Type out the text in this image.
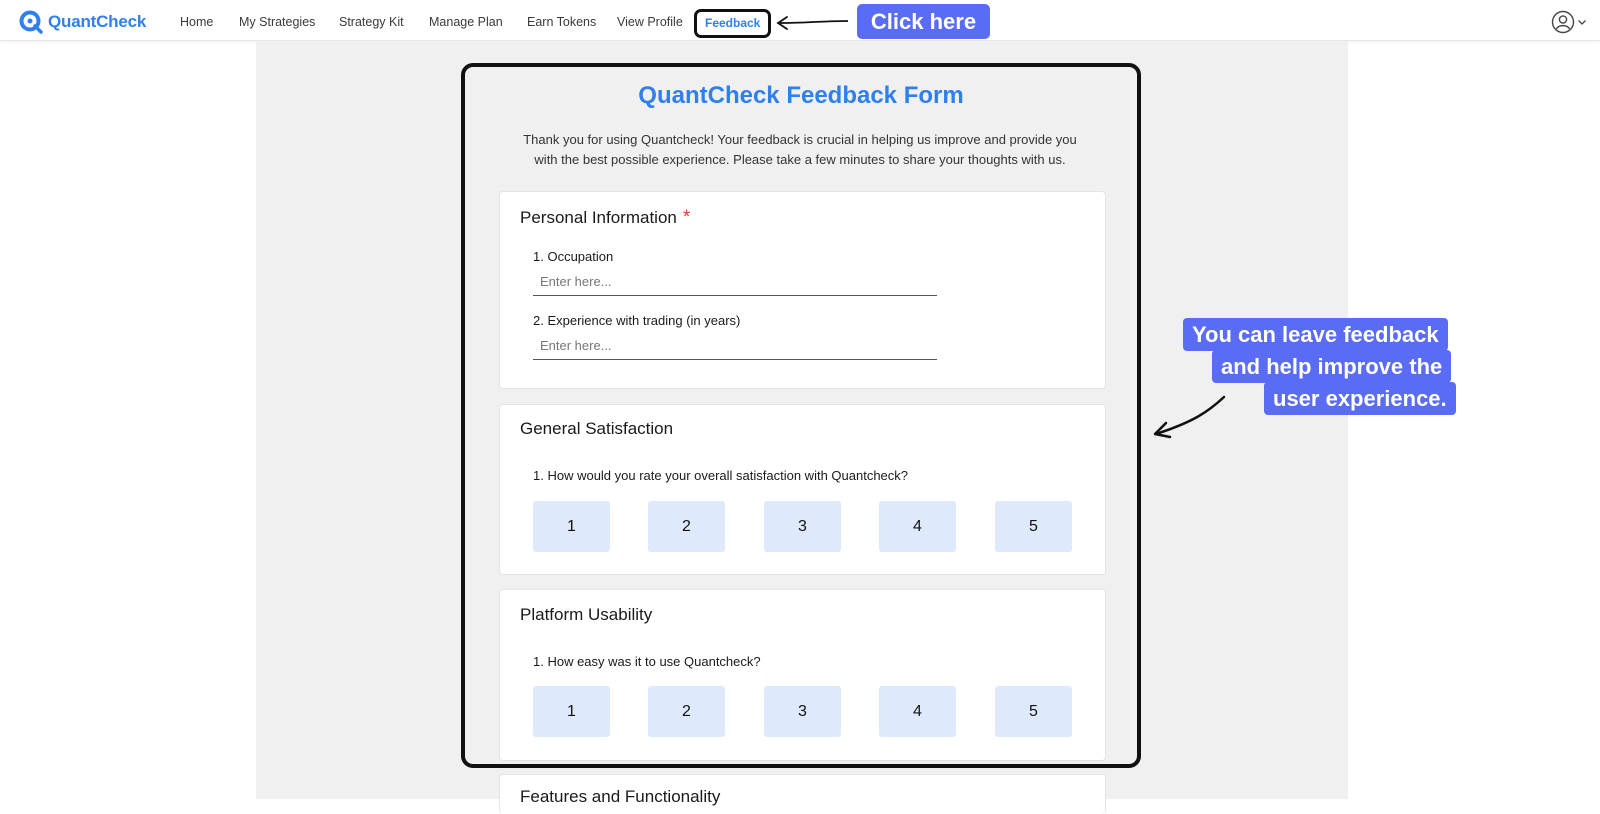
QuantCheck	Home My Strategies Strategy Kit Manage Plan Earn Tokens View Profile Feedback	Click here
Features and Functionality
QuantCheck Feedback Form
Thank you for using Quantcheck! Your feedback is crucial in helping us improve and provide you
with the best possible experience. Please take a few minutes to share your thoughts with us.
Personal Information *
1. Occupation
Enter here...
2. Experience with trading (in years)
Enter here...
General Satisfaction
1. How would you rate your overall satisfaction with Quantcheck?
1	2	3	4	5
Platform Usability
1. How easy was it to use Quantcheck?
1	2	3	4	5
You can leave feedback
and help improve the
user experience.
